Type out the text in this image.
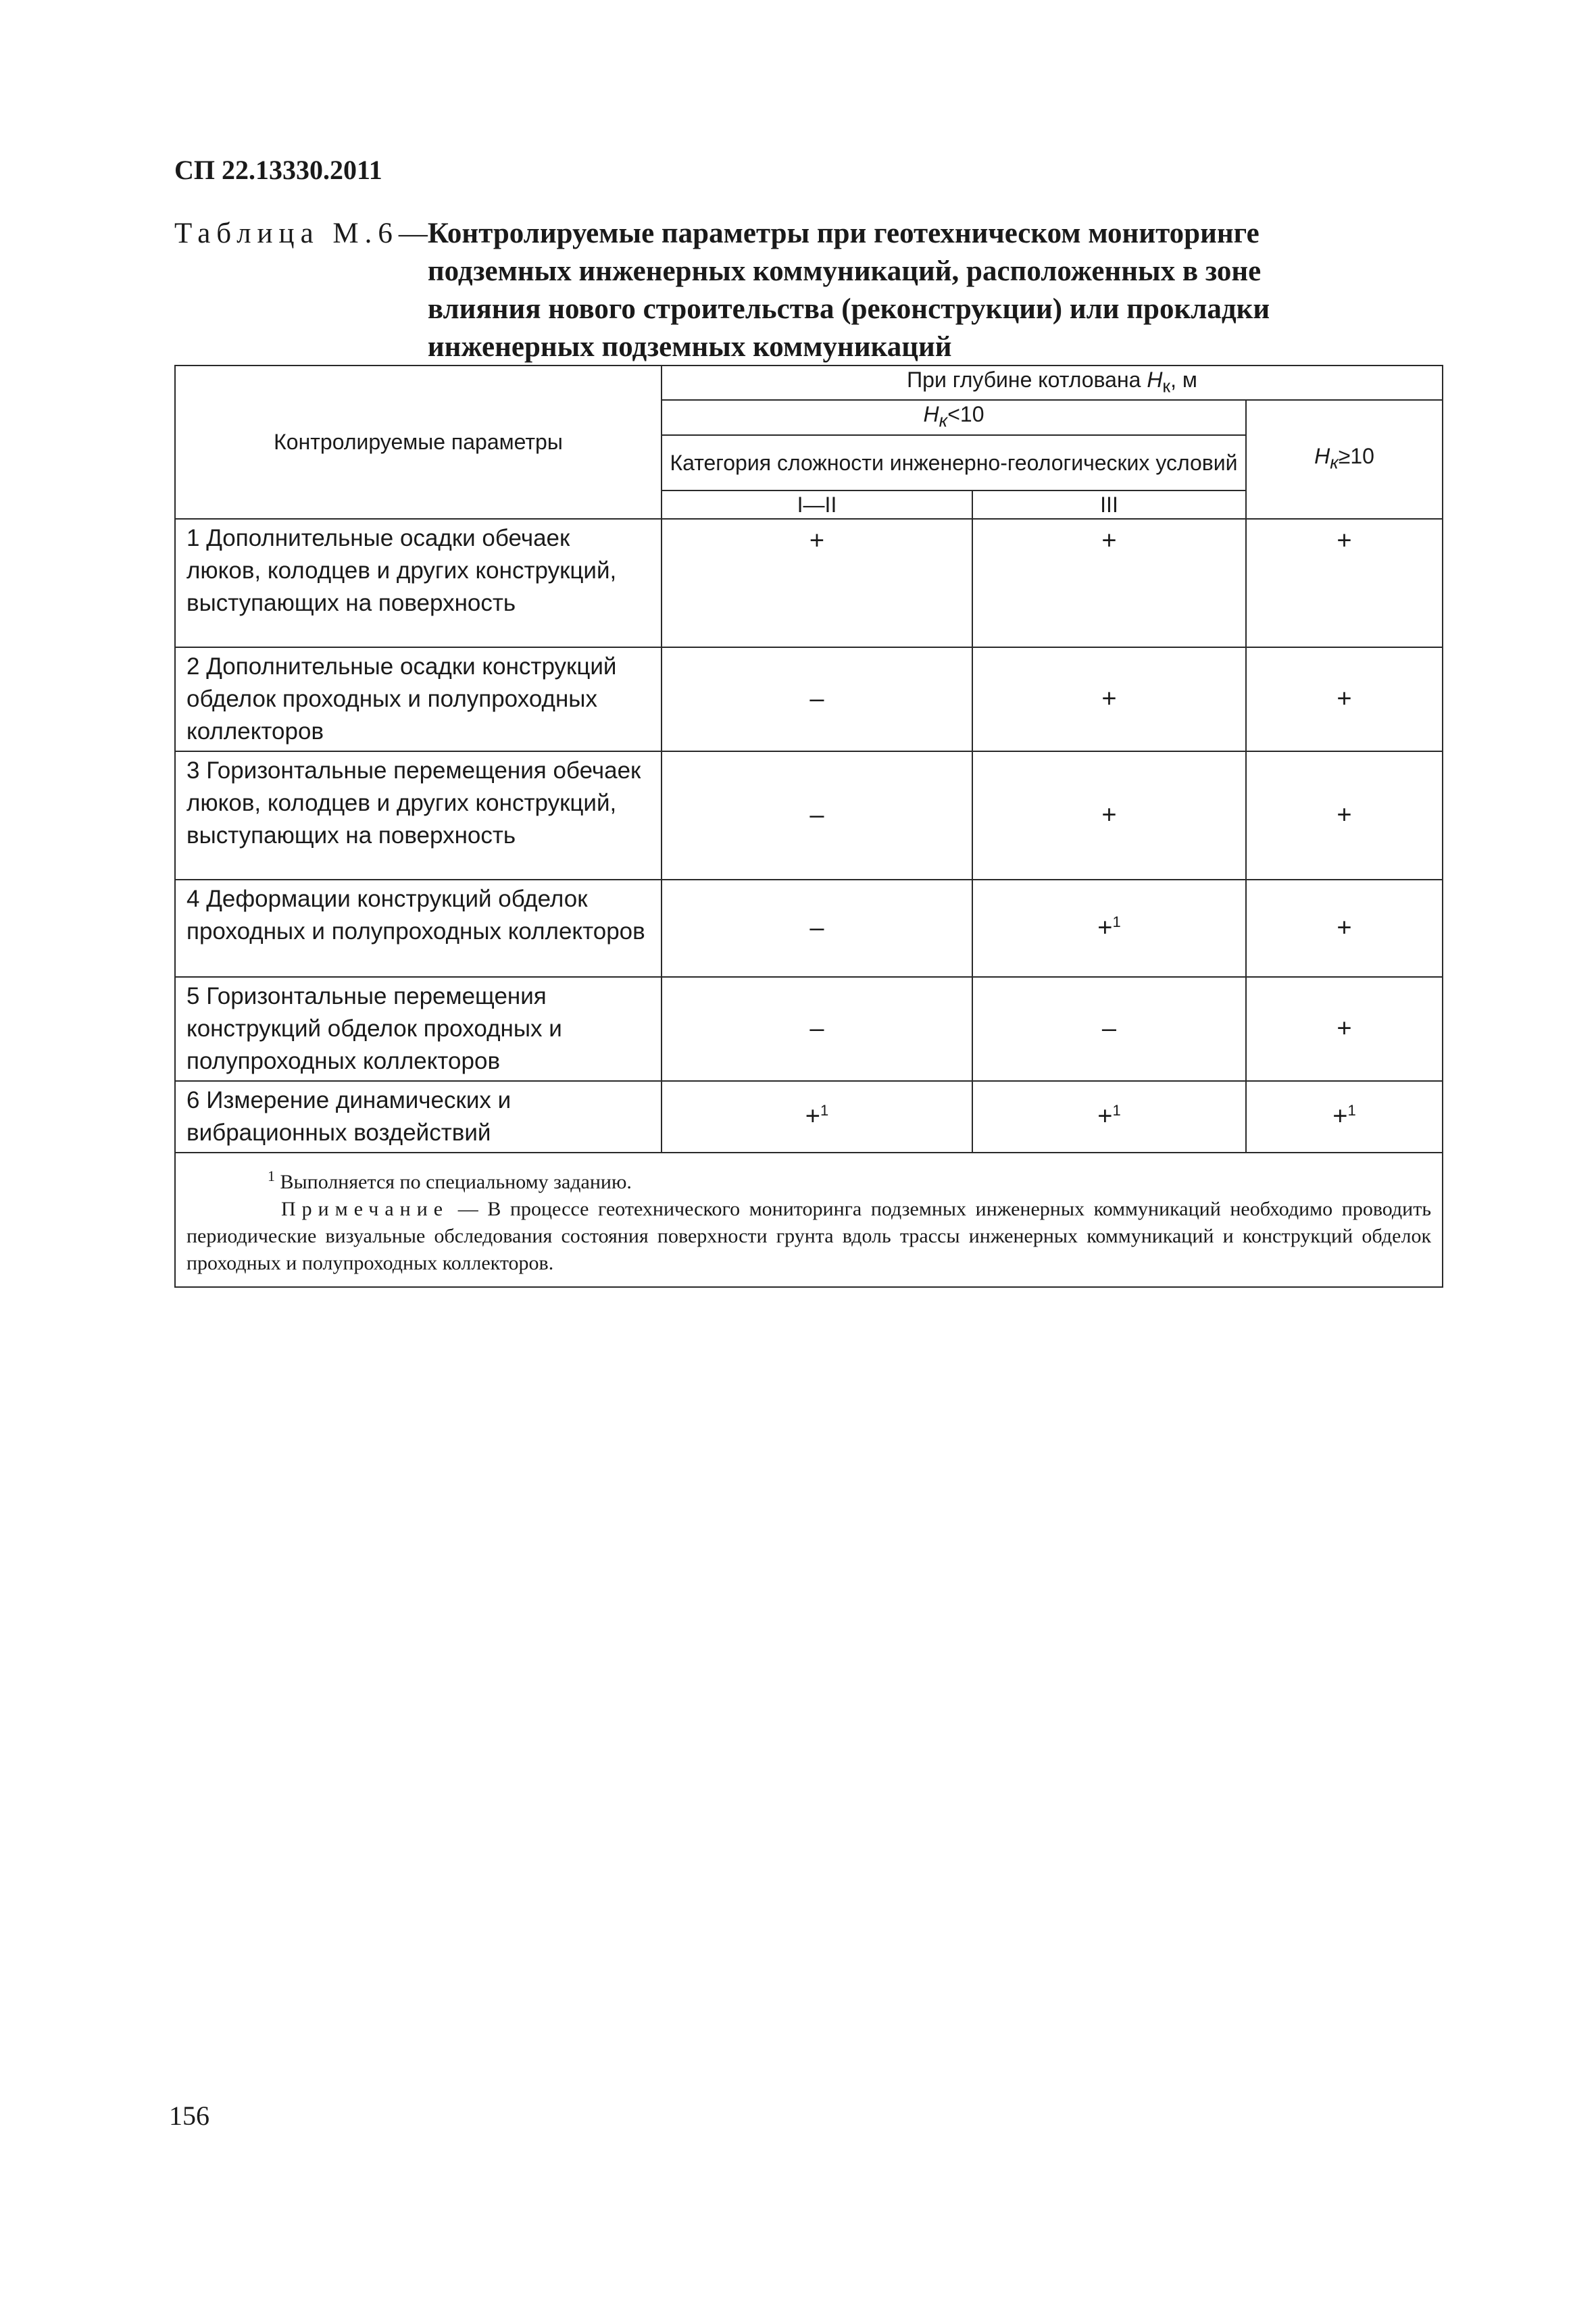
СП 22.13330.2011
Таблица М.6— Контролируемые параметры при геотехническом мониторинге подземных инженерных коммуникаций, расположенных в зоне влияния нового строительства (реконструкции) или прокладки инженерных подземных коммуникаций
Контролируемые параметры	При глубине котлована $H_к$, м		
	$H_к<10$		$H_к\ge 10$
	Категория сложности инженерно-геологических условий		
	I—II	III	
1 Дополнительные осадки обечаек люков, колодцев и других конструкций, выступающих на поверхность	+	+	+
2 Дополнительные осадки конструкций обделок проходных и полупроходных коллекторов	–	+	+
3 Горизонтальные перемещения обечаек люков, колодцев и других конструкций, выступающих на поверхность	–	+	+
4 Деформации конструкций обделок проходных и полупроходных коллекторов	–	+$^1$	+
5 Горизонтальные перемещения конструкций обделок проходных и полупроходных коллекторов	–	–	+
6 Измерение динамических и вибрационных воздействий	+$^1$	+$^1$	+$^1$

$^1$ Выполняется по специальному заданию.

Примечание — В процессе геотехнического мониторинга подземных инженерных коммуникаций необходимо проводить периодические визуальные обследования состояния поверхности грунта вдоль трассы инженерных коммуникаций и конструкций обделок проходных и полупроходных коллекторов.			

156
